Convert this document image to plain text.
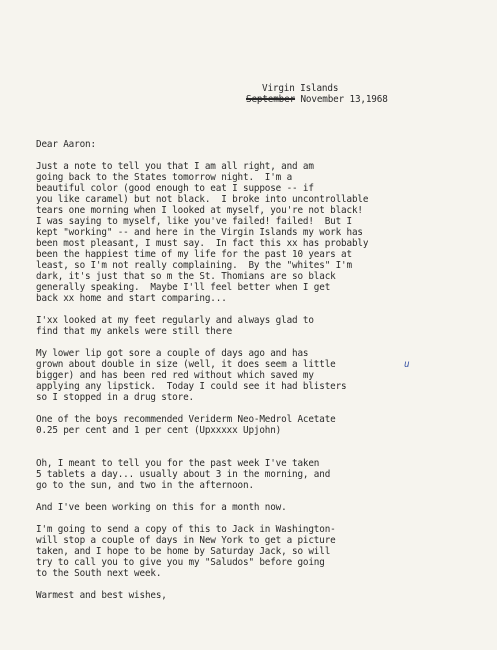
Virgin Islands
September November 13,1968
Dear Aaron:
Just a note to tell you that I am all right, and am
going back to the States tomorrow night.  I'm a
beautiful color (good enough to eat I suppose -- if
you like caramel) but not black.  I broke into uncontrollable
tears one morning when I looked at myself, you're not black!
I was saying to myself, like you've failed! failed!  But I
kept "working" -- and here in the Virgin Islands my work has
been most pleasant, I must say.  In fact this xx has probably
been the happiest time of my life for the past 10 years at
least, so I'm not really complaining.  By the "whites" I'm
dark, it's just that so m the St. Thomians are so black
generally speaking.  Maybe I'll feel better when I get
back xx home and start comparing...
I'xx looked at my feet regularly and always glad to
find that my ankels were still there
My lower lip got sore a couple of days ago and has
grown about double in size (well, it does seem a little	u
bigger) and has been red red without which saved my
applying any lipstick.  Today I could see it had blisters
so I stopped in a drug store.
One of the boys recommended Veriderm Neo-Medrol Acetate
0.25 per cent and 1 per cent (Upxxxxx Upjohn)
Oh, I meant to tell you for the past week I've taken
5 tablets a day... usually about 3 in the morning, and
go to the sun, and two in the afternoon.
And I've been working on this for a month now.
I'm going to send a copy of this to Jack in Washington-
will stop a couple of days in New York to get a picture
taken, and I hope to be home by Saturday Jack, so will
try to call you to give you my "Saludos" before going
to the South next week.
Warmest and best wishes,
